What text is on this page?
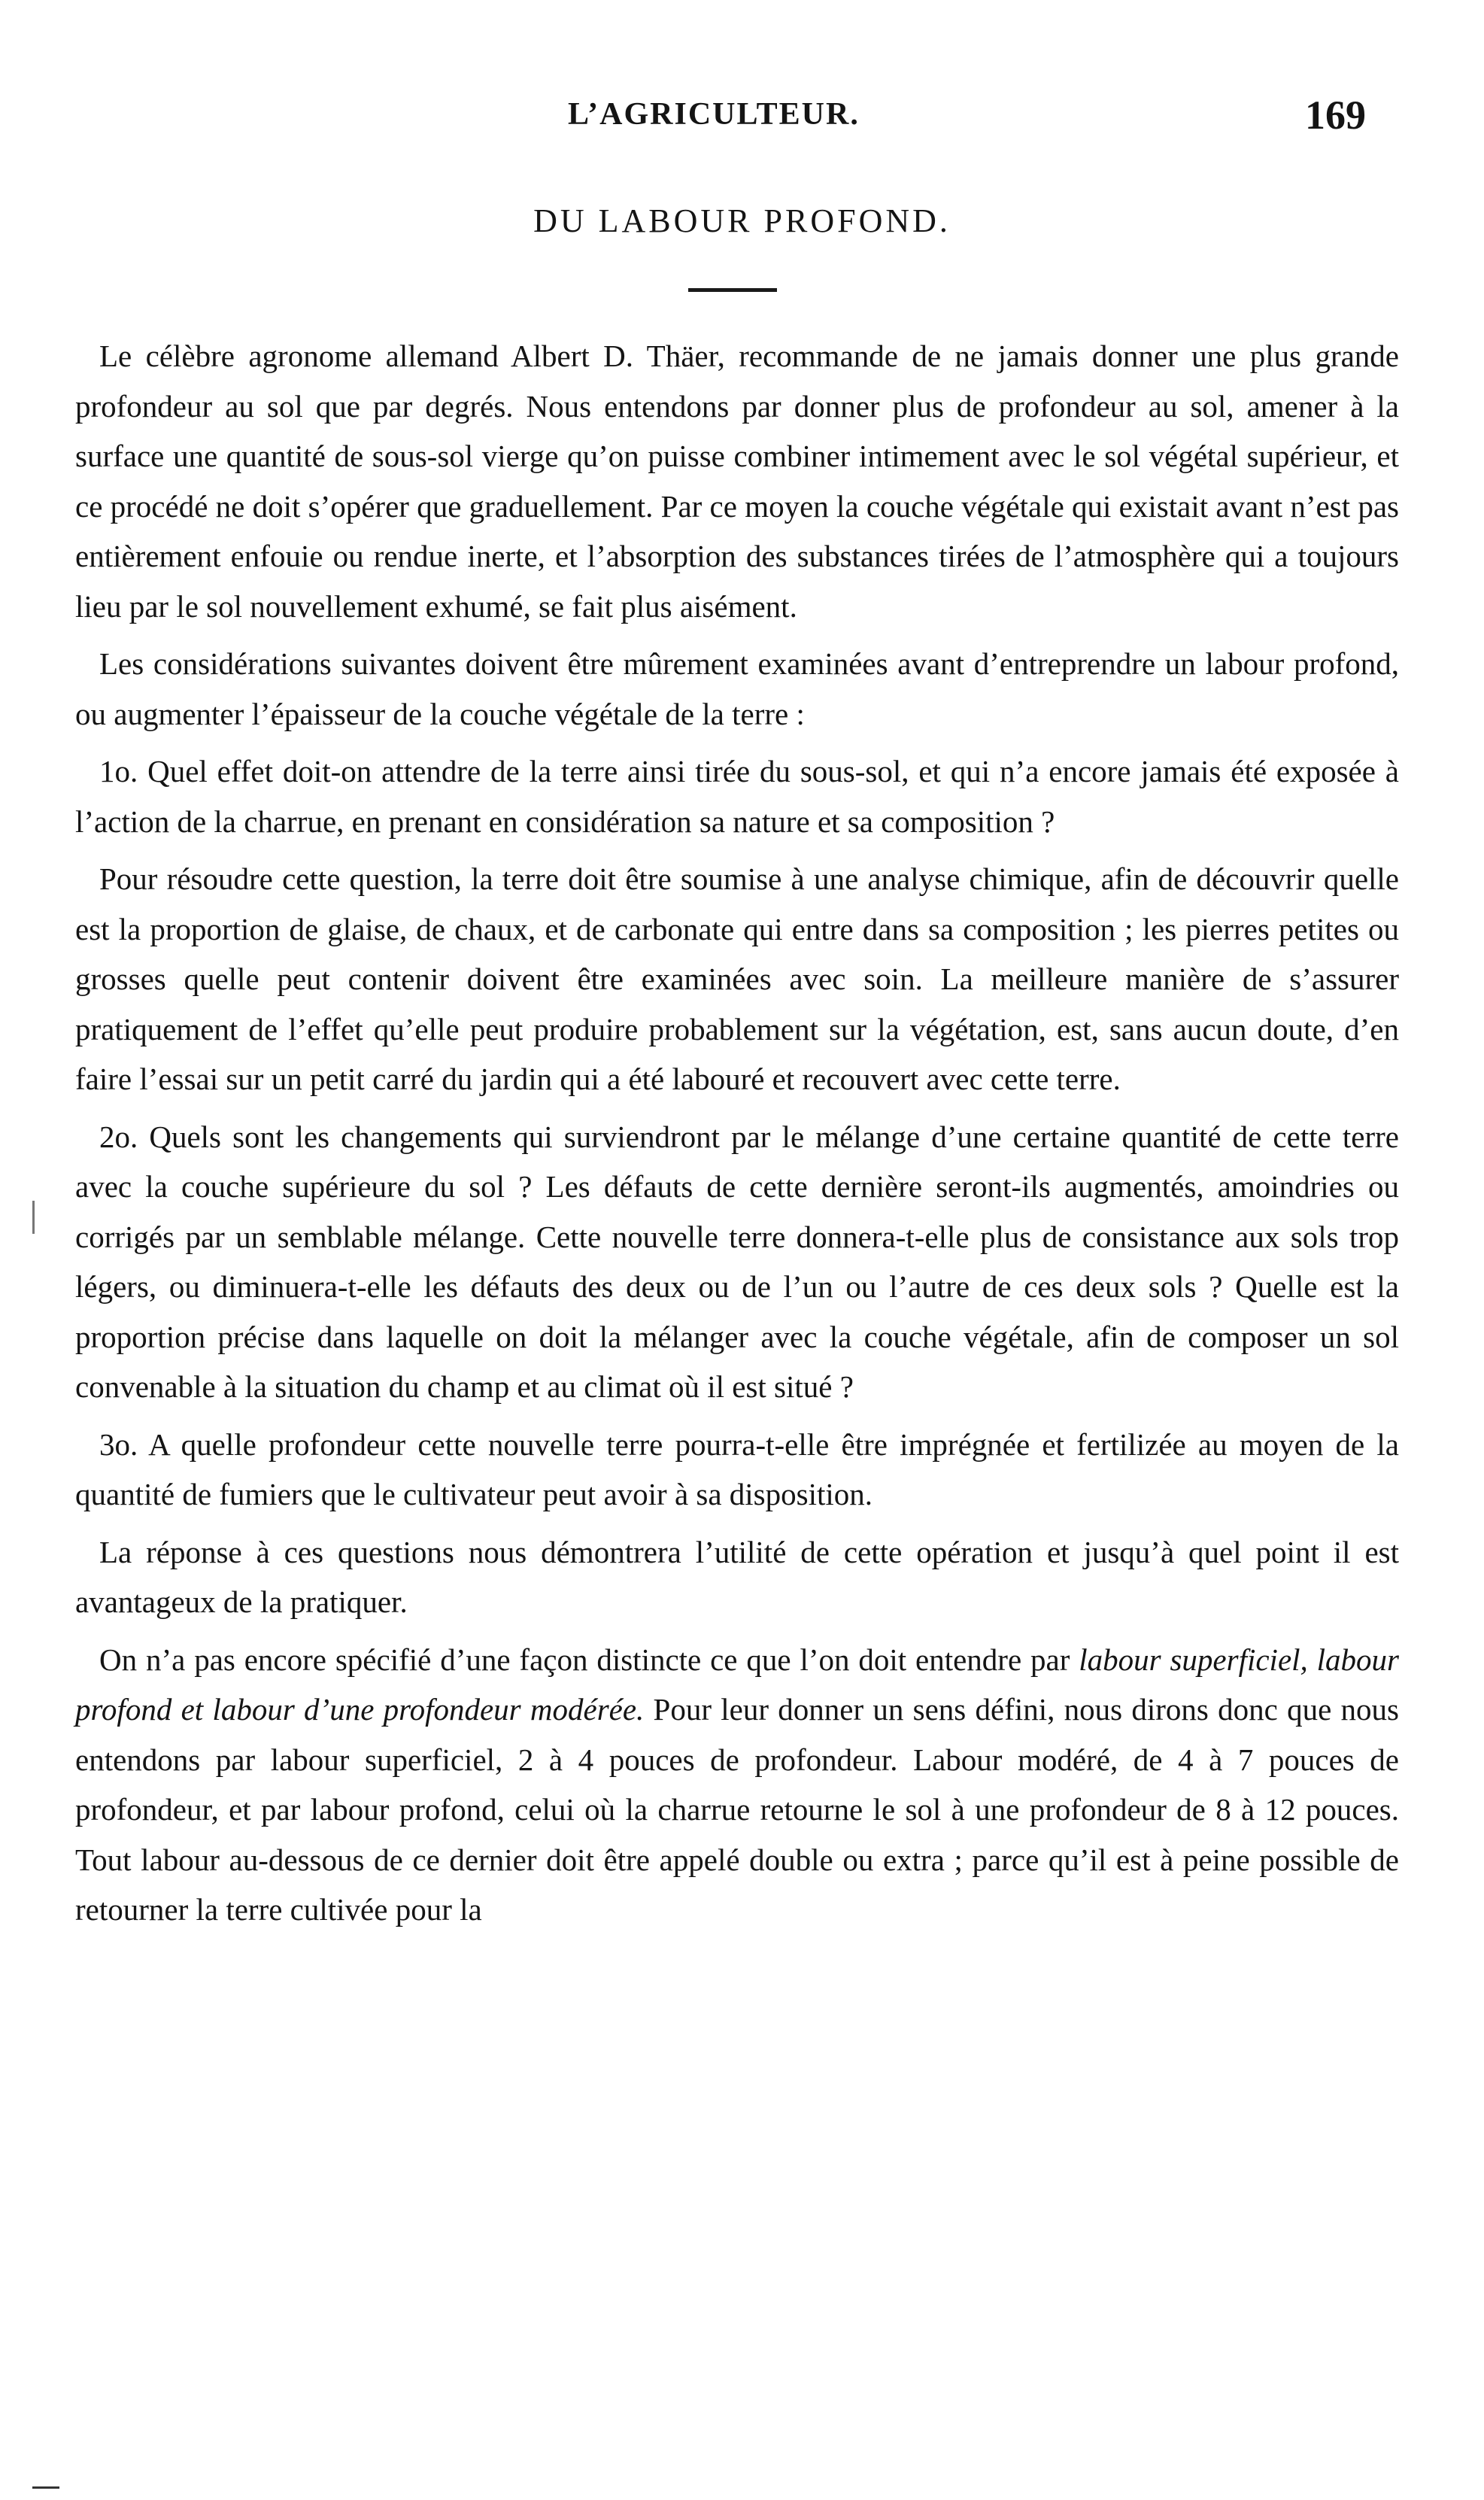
L’AGRICULTEUR.	169
DU LABOUR PROFOND.

Le célèbre agronome allemand Albert D. Thäer, recommande de ne jamais donner une plus grande profondeur au sol que par degrés. Nous entendons par donner plus de profondeur au sol, amener à la surface une quantité de sous-sol vierge qu’on puisse combiner intimement avec le sol végétal supérieur, et ce procédé ne doit s’opérer que graduellement. Par ce moyen la couche végétale qui existait avant n’est pas entièrement enfouie ou rendue inerte, et l’absorption des substances tirées de l’atmosphère qui a toujours lieu par le sol nouvellement exhumé, se fait plus aisément.

Les considérations suivantes doivent être mûrement examinées avant d’entreprendre un labour profond, ou augmenter l’épaisseur de la couche végétale de la terre :

1o. Quel effet doit-on attendre de la terre ainsi tirée du sous-sol, et qui n’a encore jamais été exposée à l’action de la charrue, en prenant en considération sa nature et sa composition ?

Pour résoudre cette question, la terre doit être soumise à une analyse chimique, afin de découvrir quelle est la proportion de glaise, de chaux, et de carbonate qui entre dans sa composition ; les pierres petites ou grosses quelle peut contenir doivent être examinées avec soin. La meilleure manière de s’assurer pratiquement de l’effet qu’elle peut produire probablement sur la végétation, est, sans aucun doute, d’en faire l’essai sur un petit carré du jardin qui a été labouré et recouvert avec cette terre.

2o. Quels sont les changements qui surviendront par le mélange d’une certaine quantité de cette terre avec la couche supérieure du sol ? Les défauts de cette dernière seront-ils augmentés, amoindries ou corrigés par un semblable mélange. Cette nouvelle terre donnera-t-elle plus de consistance aux sols trop légers, ou diminuera-t-elle les défauts des deux ou de l’un ou l’autre de ces deux sols ? Quelle est la proportion précise dans laquelle on doit la mélanger avec la couche végétale, afin de composer un sol convenable à la situation du champ et au climat où il est situé ?

3o. A quelle profondeur cette nouvelle terre pourra-t-elle être imprégnée et fertilizée au moyen de la quantité de fumiers que le cultivateur peut avoir à sa disposition.

La réponse à ces questions nous démontrera l’utilité de cette opération et jusqu’à quel point il est avantageux de la pratiquer.

On n’a pas encore spécifié d’une façon distincte ce que l’on doit entendre par labour superficiel, labour profond et labour d’une profondeur modérée. Pour leur donner un sens défini, nous dirons donc que nous entendons par labour superficiel, 2 à 4 pouces de profondeur. Labour modéré, de 4 à 7 pouces de profondeur, et par labour profond, celui où la charrue retourne le sol à une profondeur de 8 à 12 pouces. Tout labour au-dessous de ce dernier doit être appelé double ou extra ; parce qu’il est à peine possible de retourner la terre cultivée pour la
